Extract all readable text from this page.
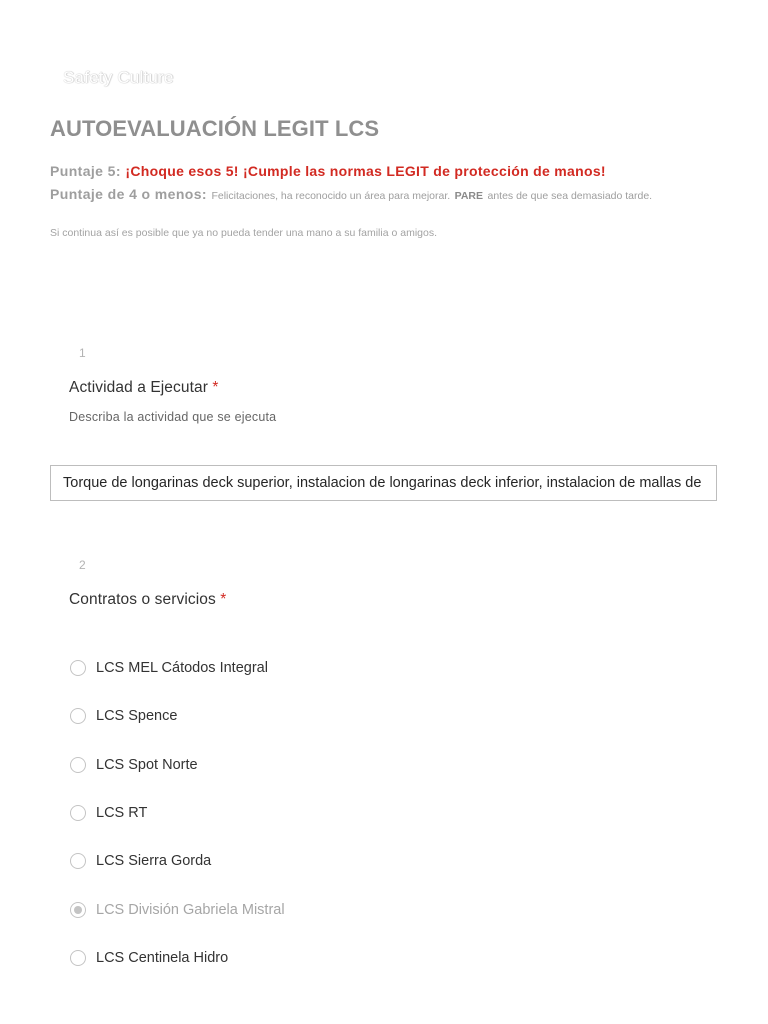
Safety Culture
AUTOEVALUACIÓN LEGIT LCS
Puntaje 5: ¡Choque esos 5! ¡Cumple las normas LEGIT de protección de manos!
Puntaje de 4 o menos: Felicitaciones, ha reconocido un área para mejorar. PARE antes de que sea demasiado tarde.
Si continua así es posible que ya no pueda tender una mano a su familia o amigos.
1
Actividad a Ejecutar *
Describa la actividad que se ejecuta
Torque de longarinas deck superior, instalacion de longarinas deck inferior, instalacion de mallas de
2
Contratos o servicios *
LCS MEL Cátodos Integral
LCS Spence
LCS Spot Norte
LCS RT
LCS Sierra Gorda
LCS División Gabriela Mistral
LCS Centinela Hidro
